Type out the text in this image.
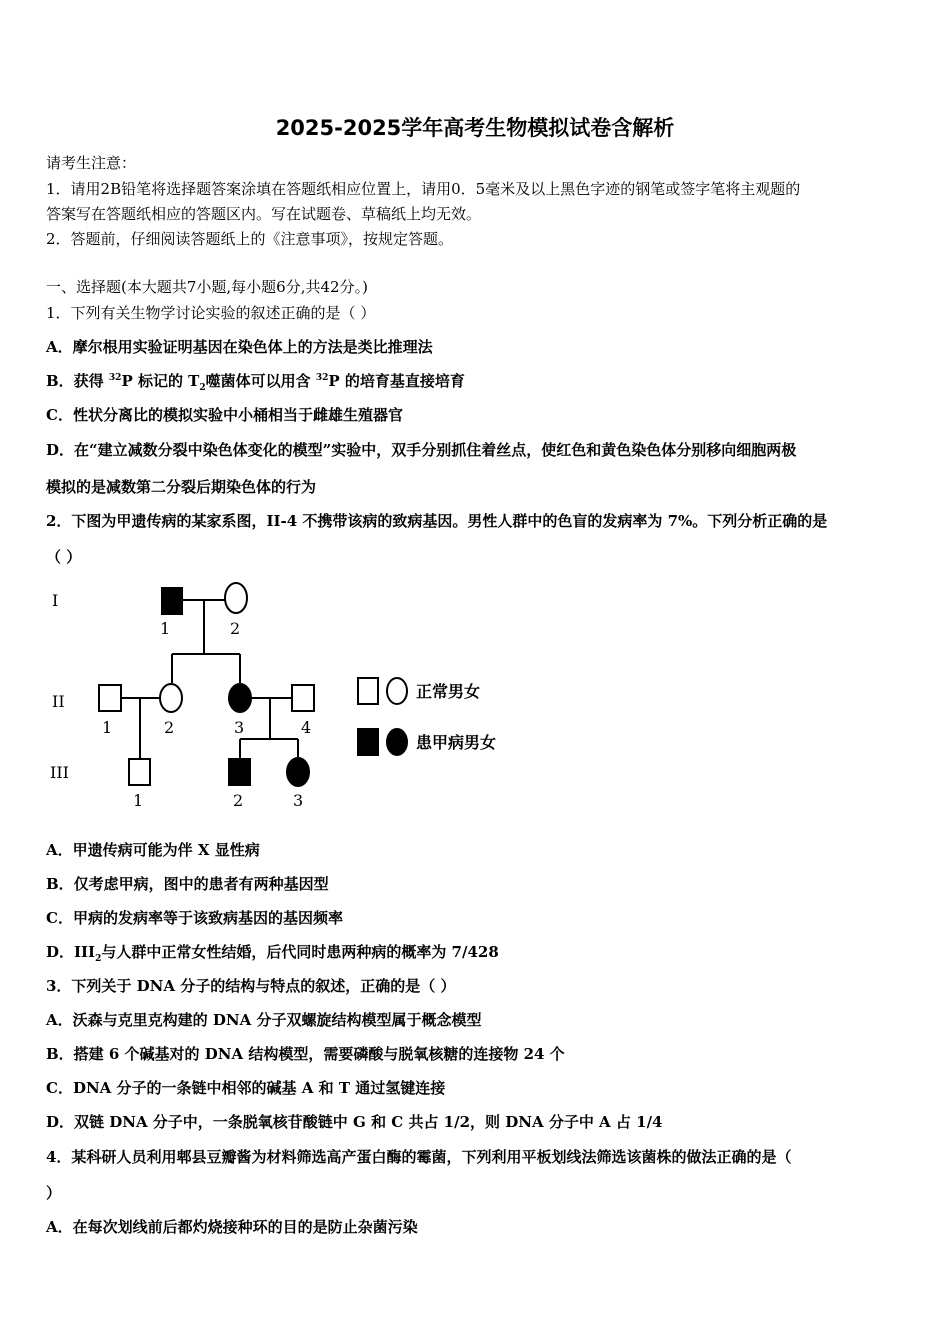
2025-2025学年高考生物模拟试卷含解析
请考生注意：
1．请用2B铅笔将选择题答案涂填在答题纸相应位置上，请用0．5毫米及以上黑色字迹的钢笔或签字笔将主观题的
答案写在答题纸相应的答题区内。写在试题卷、草稿纸上均无效。
2．答题前，仔细阅读答题纸上的《注意事项》，按规定答题。
一、选择题(本大题共7小题,每小题6分,共42分。)
1．下列有关生物学讨论实验的叙述正确的是（ ）
A．摩尔根用实验证明基因在染色体上的方法是类比推理法
B．获得 $^{32}$P 标记的 $T_2$噬菌体可以用含 $^{32}$P 的培育基直接培育
C．性状分离比的模拟实验中小桶相当于雌雄生殖器官
D．在“建立减数分裂中染色体变化的模型”实验中，双手分别抓住着丝点，使红色和黄色染色体分别移向细胞两极
模拟的是减数第二分裂后期染色体的行为
2．下图为甲遗传病的某家系图，II-4 不携带该病的致病基因。男性人群中的色盲的发病率为 7%。下列分析正确的是
（ ）
I
II
III
1	2
1	2	3	4
1	2	3
正常男女
患甲病男女
A．甲遗传病可能为伴 X 显性病
B．仅考虑甲病，图中的患者有两种基因型
C．甲病的发病率等于该致病基因的基因频率
D．$III_2$与人群中正常女性结婚，后代同时患两种病的概率为 7/428
3．下列关于 DNA 分子的结构与特点的叙述，正确的是（ ）
A．沃森与克里克构建的 DNA 分子双螺旋结构模型属于概念模型
B．搭建 6 个碱基对的 DNA 结构模型，需要磷酸与脱氧核糖的连接物 24 个
C．DNA 分子的一条链中相邻的碱基 A 和 T 通过氢键连接
D．双链 DNA 分子中，一条脱氧核苷酸链中 G 和 C 共占 1/2，则 DNA 分子中 A 占 1/4
4．某科研人员利用郫县豆瓣酱为材料筛选高产蛋白酶的霉菌，下列利用平板划线法筛选该菌株的做法正确的是（
）
A．在每次划线前后都灼烧接种环的目的是防止杂菌污染
